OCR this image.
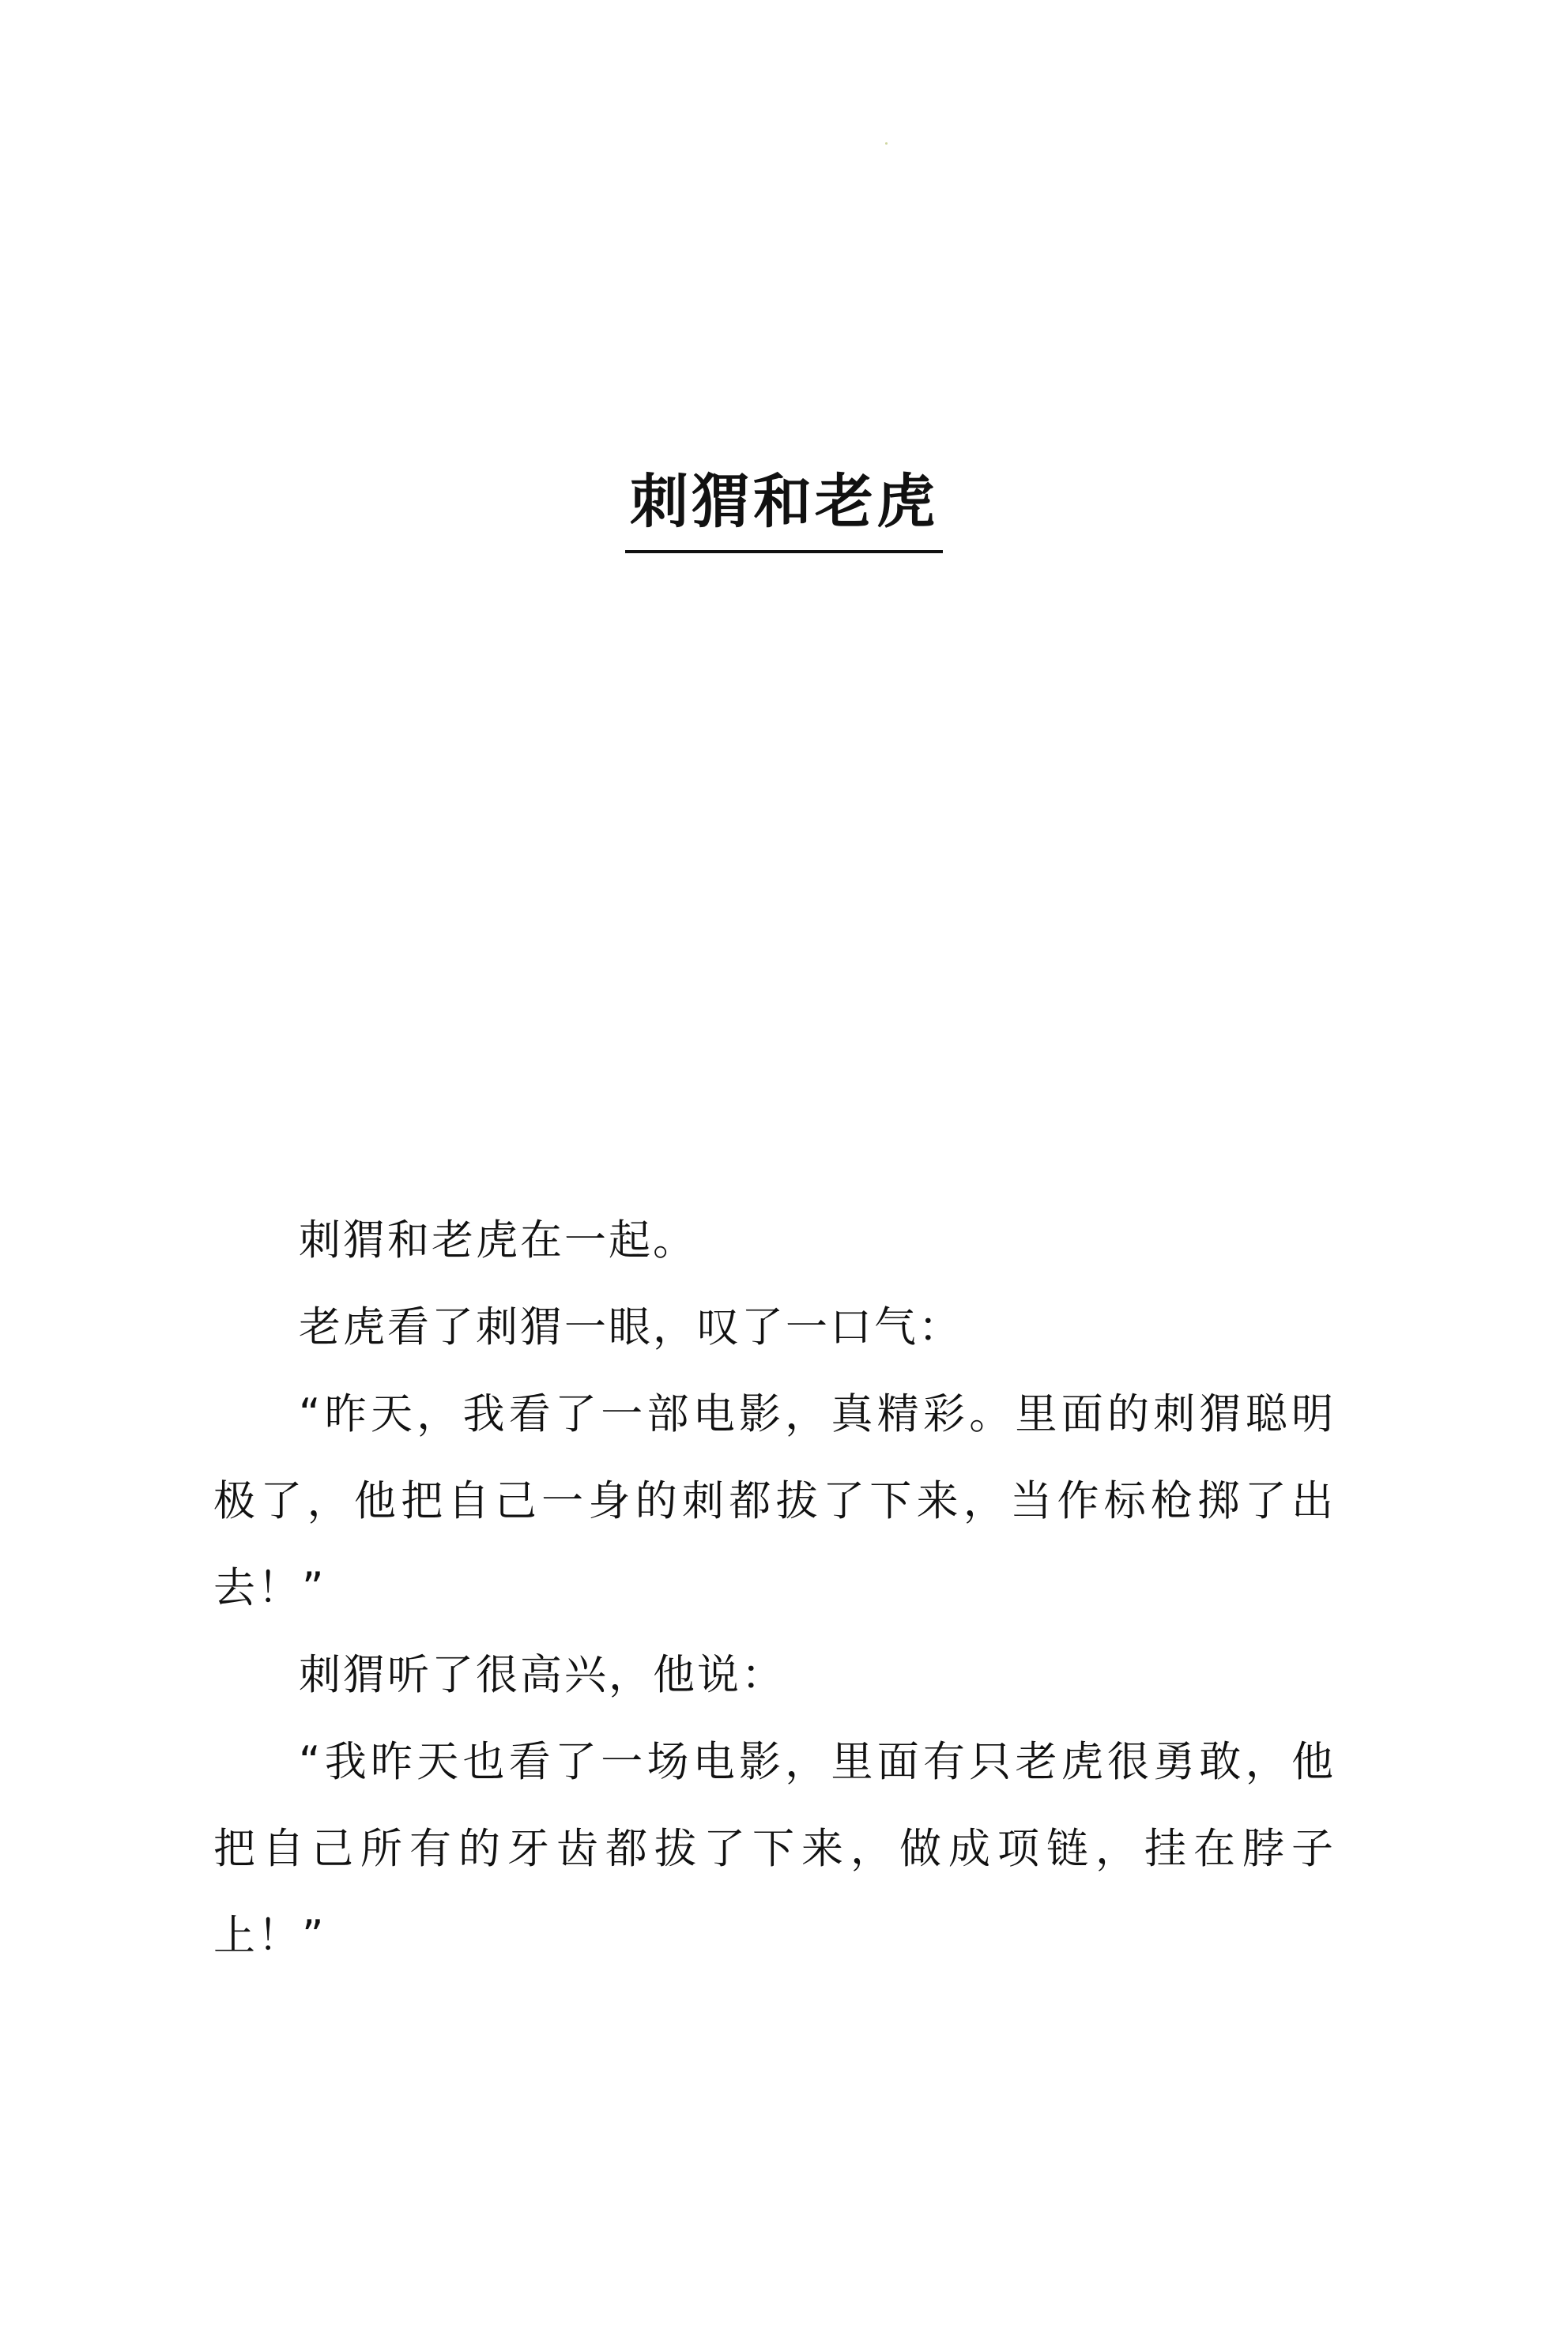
刺猬和老虎

刺猬和老虎在一起。

老虎看了刺猬一眼，叹了一口气：

“昨天，我看了一部电影，真精彩。里面的刺猬聪明极了，他把自己一身的刺都拔了下来，当作标枪掷了出去！”

刺猬听了很高兴，他说：

“我昨天也看了一场电影，里面有只老虎很勇敢，他把自己所有的牙齿都拔了下来，做成项链，挂在脖子上！”
